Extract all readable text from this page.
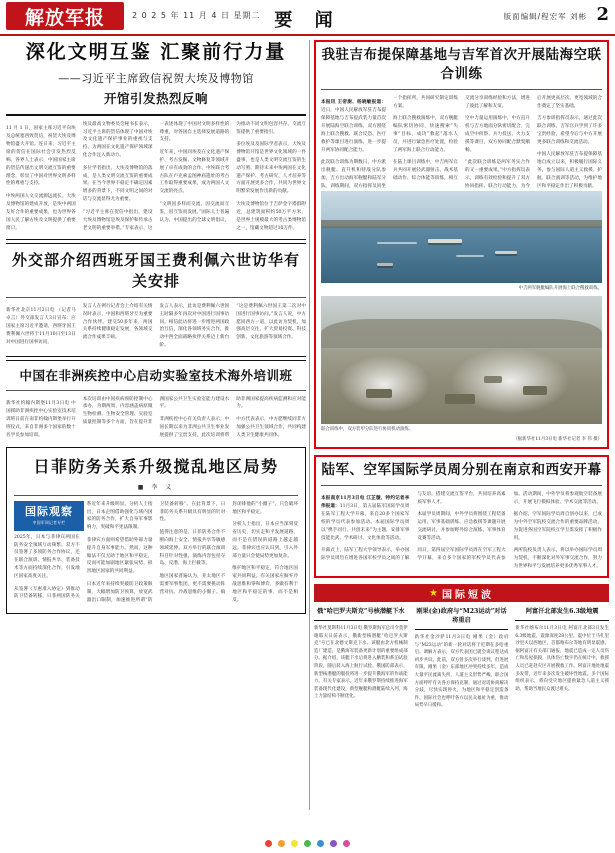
解放军报	2 0 2 5 年 11 月 4 日 星期二 要 闻	版面编辑/程宏军 刘彬 2
深化文明互鉴 汇聚前行力量
——习近平主席致信祝贺大埃及博物馆
开馆引发热烈反响

11 月 1 日，国家主席习近平向埃及总统塞西致贺信，祝贺大埃及博物馆盛大开馆。连日来，习近平主席的贺信在国际社会引发热烈反响。各界人士表示，中国国家主席的贺信传递出文明交流互鉴的重要理念，彰显了中国对世界文明多样性的尊重与支持。

中埃两国人文交流源远流长。大埃及博物馆的建成开放，是埃中两国友好合作的重要成果，也为世界各国人民了解古埃及文明提供了重要窗口。

埃及最高文物委员会秘书长表示，习近平主席的贺信体现了中国对埃及文化遗产保护事业的重视与支持，为两国在文化遗产保护领域深化合作注入新动力。

多位学者指出，大埃及博物馆的落成，是人类文明交流互鉴的重要成果。在当今世界不稳定不确定因素增多的背景下，不同文明之间的对话与交流显得尤为重要。

“习近平主席在贺信中指出，建设大埃及博物馆是埃及保护和传承古老文明的重要举措。”专家表示，这一表述体现了中国对文明多样性的尊重，对各国自主选择发展道路的支持。

近年来，中国同埃及在文化遗产保护、考古发掘、文物修复等领域开展了卓有成效的合作。中埃联合考古队在卢克索孟图神庙遗址的考古工作取得重要成果，成为两国人文交流的亮点。

“文明因多样而交流，因交流而互鉴，因互鉴而发展。”国际人士普遍认为，中国提出的全球文明倡议，为推动不同文明包容共存、交流互鉴提供了重要指引。

多位埃及及国际学者表示，大埃及博物馆开馆是世界文化领域的一件盛事，也是人类文明交流互鉴的生动写照。期待未来中埃两国在文化遗产保护、考古研究、人才培养等方面开展更多合作，共同为世界文明繁荣发展作出新的贡献。

大埃及博物馆位于吉萨金字塔群附近，总建筑面积约50万平方米，是世界上规模最大的考古类博物馆之一，馆藏文物超过10万件。

外交部介绍西班牙国王费利佩六世访华有关安排

新华社北京11月3日电 （记者马卓言）外交部发言人3日宣布：应国家主席习近平邀请，西班牙国王费利佩六世将于11月10日至13日对中国进行国事访问。

发言人在例行记者会上介绍有关情况时表示，中国和西班牙互为重要合作伙伴。建交50多年来，两国关系持续健康稳定发展，各领域交流合作成果丰硕。

发言人表示，此访是费利佩六世国王时隔多年再次对中国进行国事访问。相信此访将进一步增进两国政治互信，深化各领域务实合作，推动中西全面战略伙伴关系迈上新台阶。

“这是费利佩六世国王第二次对中国进行国事访问。”发言人说，中方愿同西方一道，以此访为契机，加强高层交往，扩大贸易投资、科技创新、文化旅游等领域合作。

中国在非洲疾控中心启动实验室技术海外培训班

新华社约翰内斯堡11月3日电 中国援助非洲疾控中心实验室技术培训班日前在南非约翰内斯堡举行开班仪式，来自非洲多个国家的数十名学员参加培训。

本次培训由中国疾病预防控制中心承办，为期两周，内容涵盖病原微生物检测、生物安全管理、实验室质量控制等多个方面，旨在提升非洲国家公共卫生实验室能力建设水平。

非洲疾控中心有关负责人表示，中国长期以来为非洲公共卫生事业发展提供了宝贵支持，此次培训将帮助非洲国家提高疾病监测和应对能力。

中方代表表示，中方愿继续同非方加强公共卫生领域合作，共同构建人类卫生健康共同体。

日菲防务关系升级搅乱地区局势
■ 李 义
国际观察
中国军网记者专栏

2025年，日本与菲律宾两国在防务安全领域互动频繁。双方不仅签署了多项防务合作协议，还在联合演训、情报共享、装备技术等方面持续深化合作，引发地区国家高度关注。

从签署《互惠准入协定》到推动防卫装备转移，日菲两国防务关系近年来升级明显。分析人士指出，日本企图借助强化与域内国家的防务合作，扩大自身军事影响力，突破和平宪法限制。

菲律宾方面则希望借助外部力量提升自身军事能力。然而，这种做法不仅无助于地区和平稳定，反而可能加剧地区紧张局势，损害地区国家的共同利益。

日本近年来持续突破防卫政策限制，大幅增加防卫预算，放宽武器出口限制，加速推进所谓“防卫装备转移”。在此背景下，日菲防务关系升级具有明显的针对性。

值得注意的是，日菲防务合作不断向海上安全、情报共享等敏感领域延伸。双方举行的联合演训科目针对性强，演练内容包括夺岛、反潜、海上拦截等。

地区国家普遍认为，亚太地区不需要军事集团，更不需要挑动阵营对抗、冷战思维的小圈子。搞封闭排他的“小圈子”，只会破坏地区和平稳定。

分析人士指出，日本应当深刻反省历史，切实走和平发展道路，而不是在错误的道路上越走越远。菲律宾也应认识到，引入外部力量只会使局势更加复杂。

维护地区和平稳定，符合地区国家共同利益。有关国家应摒弃冷战思维和零和博弈，多做有利于地区和平稳定的事，而不是相反。

我驻吉布提保障基地与吉军首次开展陆海空联合训练

本报讯 王帝澍、杨晓敏报道：近日，中国人民解放军驻吉布提保障基地与吉布提武装力量首次开展陆海空联合训练，双方围绕海上联合搜救、联合反恐、医疗救护等课目进行演练，进一步提升两军协同配合能力。

此次联合训练为期数日，中方派出舰艇、直升机和特战分队参加，吉方出动海军舰艇和陆军分队。训练期间，双方指挥员同坐一个指挥所，共同研究制定训练方案。

海上联合搜救演练中，双方舰艇编队密切协同，快速搜索“失事”目标，成功“救起”落水人员，并进行紧急医疗处置，检验了两军海上联合行动能力。

在陆上课目训练中，中吉两军官兵共同开展轻武器射击、战术基础动作、综合体能等训练，相互交流分享训练经验和方法，增进了彼此了解和友谊。

空中力量运用演练中，中方直升机与吉方地面分队密切配合，完成空中侦察、兵力投送、火力支援等课目，双方协同配合默契顺畅。

“此次联合训练是两军务实合作的又一重要成果。”中方指挥员表示，训练有效检验和提升了双方协同指挥、联合行动能力，为今后开展更高层次、更宽领域的合作奠定了坚实基础。

吉方参训指挥员表示，通过此次联合训练，吉军官兵学到了许多宝贵经验，希望今后与中方开展更多联合训练和交流活动。

中国人民解放军驻吉布提保障基地自成立以来，积极履行国际义务，参与国际人道主义救援、护航、联合演训等活动，为维护地区和平稳定作出了积极贡献。

中吉两军舰艇编队开展海上联合搜救训练。
联合训练中，双方装甲分队进行协同机动演练。
（据新华社11月3日电 新华社记者 李 伟 摄）
陆军、空军国际学员周分别在南京和西安开幕

本报南京11月3日电 江芷璇、特约记者李伟报道：11月3日，第五届陆军国际学员周在陆军工程大学开幕，来自20多个国家军校的学员代表参加活动。本届国际学员周以“携手同行、共创未来”为主题，安排军事技能比武、学术研讨、文化体验等活动。

开幕式上，陆军工程大学领导表示，举办国际学员周旨在增进各国军校学员之间的了解与友谊，搭建交流互鉴平台，共同培养高素质军事人才。

本届学员周期间，中外学员将围绕工程装备运用、军事基础训练、应急救援等课题开展交流研讨，并参加野外综合演练、军事体育竞赛等活动。

同日，第四届空军国际学员周在空军工程大学开幕，来自多个国家的军校学员代表参加。活动期间，中外学员将参观航空装备展示，开展飞行模拟体验、学术交流等活动。

据介绍，空军国际学员周自创办以来，已成为中外空军院校交流合作的重要品牌活动，为促进各国空军院校互学互鉴发挥了积极作用。

两所院校负责人表示，将以举办国际学员周为契机，不断深化对外军事交流合作，努力为世界和平与发展培养更多优秀军事人才。

★ 国际短波
俄“哈巴罗夫斯克”号核潜艇下水
新华社莫斯科11月3日电 俄罗斯海军总司令莫伊谢耶夫日前表示，俄新型核潜艇“哈巴罗夫斯克”号已在北德文斯克下水。该艇由北方机械制造厂建造，是俄海军装备更新计划的重要组成部分。据介绍，该艇下水后将进入舾装和系泊试验阶段，随后转入海上航行试验。俄国防部表示，新型核潜艇的服役将进一步提升俄海军的作战能力。有关专家表示，近年来俄罗斯持续推进海军装备现代化建设，新型舰艇和潜艇陆续入列，海上力量结构不断优化。
刚果(金)政府与“M23运动”对话将重启
新华社金沙萨11月3日电 刚果（金）政府与“M23运动”的新一轮对话将于近期在多哈重启。调解方表示，双方代表团已就会谈议程达成初步共识。此前，双方曾多次举行谈判，但进展有限。刚果（金）东部地区冲突持续多年，造成大量平民流离失所，人道主义形势严峻。联合国方面呼吁有关各方保持克制，通过对话协商解决分歧，尽快实现停火，为地区和平稳定创造条件。国际社会也呼吁各方以民众福祉为重，推动局势早日缓和。
阿富汗北部发生6.3级地震
新华社喀布尔11月3日电 阿富汗北部3日发生6.3级地震，震源深度28公里。震中位于马扎里沙里夫以西地区，首都喀布尔等地有明显震感。据阿富汗有关部门通报，地震已造成一定人员伤亡和房屋损毁，具体伤亡数字仍在统计中。救援人员已赶赴灾区开展搜救工作。阿富汗地处地震多发带，近年来多次发生破坏性地震。多个国际组织表示，将向受灾地区提供紧急人道主义援助，帮助当地民众渡过难关。
